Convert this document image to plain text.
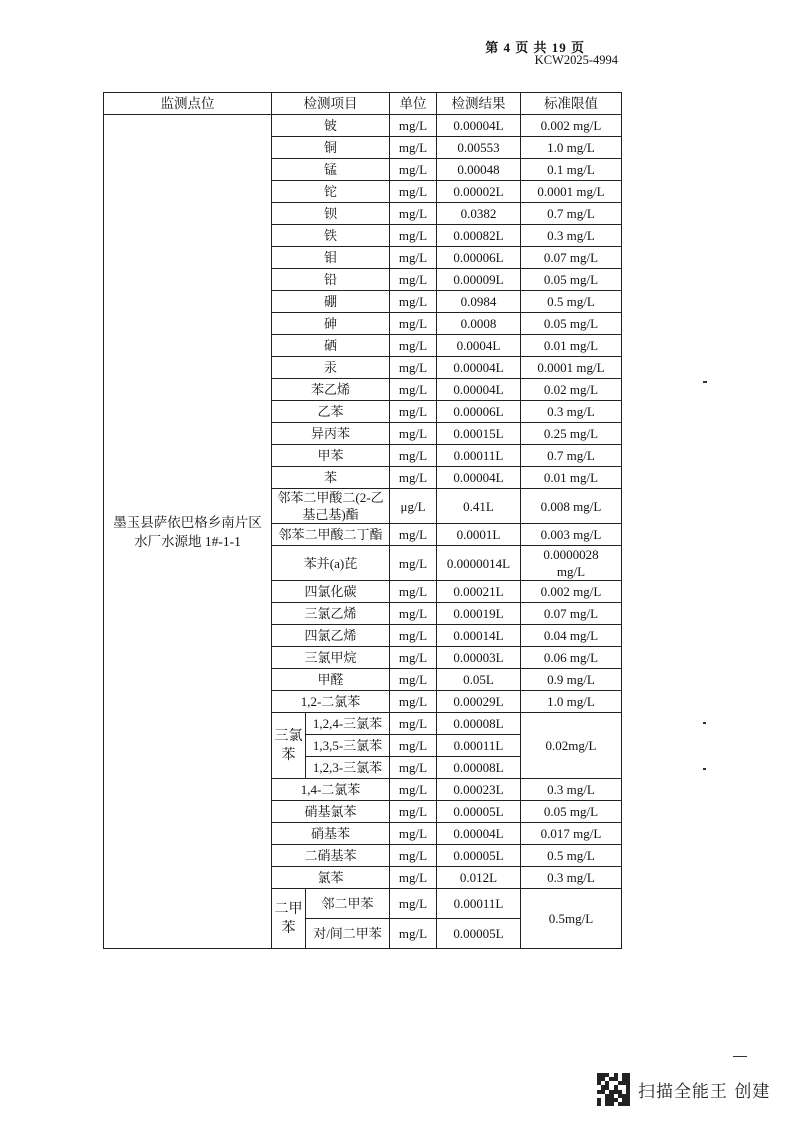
第 4 页 共 19 页
KCW2025-4994
监测点位	检测项目		单位	检测结果	标准限值
墨玉县萨依巴格乡南片区水厂水源地 1#-1-1	铍		mg/L	0.00004L	0.002 mg/L
	铜		mg/L	0.00553	1.0 mg/L
	锰		mg/L	0.00048	0.1 mg/L
	铊		mg/L	0.00002L	0.0001 mg/L
	钡		mg/L	0.0382	0.7 mg/L
	铁		mg/L	0.00082L	0.3 mg/L
	钼		mg/L	0.00006L	0.07 mg/L
	铅		mg/L	0.00009L	0.05 mg/L
	硼		mg/L	0.0984	0.5 mg/L
	砷		mg/L	0.0008	0.05 mg/L
	硒		mg/L	0.0004L	0.01 mg/L
	汞		mg/L	0.00004L	0.0001 mg/L
	苯乙烯		mg/L	0.00004L	0.02 mg/L
	乙苯		mg/L	0.00006L	0.3 mg/L
	异丙苯		mg/L	0.00015L	0.25 mg/L
	甲苯		mg/L	0.00011L	0.7 mg/L
	苯		mg/L	0.00004L	0.01 mg/L
	邻苯二甲酸二(2-乙基己基)酯		μg/L	0.41L	0.008 mg/L
	邻苯二甲酸二丁酯		mg/L	0.0001L	0.003 mg/L
	苯并(a)芘		mg/L	0.0000014L	0.0000028 mg/L
	四氯化碳		mg/L	0.00021L	0.002 mg/L
	三氯乙烯		mg/L	0.00019L	0.07 mg/L
	四氯乙烯		mg/L	0.00014L	0.04 mg/L
	三氯甲烷		mg/L	0.00003L	0.06 mg/L
	甲醛		mg/L	0.05L	0.9 mg/L
	1,2-二氯苯		mg/L	0.00029L	1.0 mg/L
	三氯苯	1,2,4-三氯苯	mg/L	0.00008L	0.02mg/L
		1,3,5-三氯苯	mg/L	0.00011L	
		1,2,3-三氯苯	mg/L	0.00008L	
	1,4-二氯苯		mg/L	0.00023L	0.3 mg/L
	硝基氯苯		mg/L	0.00005L	0.05 mg/L
	硝基苯		mg/L	0.00004L	0.017 mg/L
	二硝基苯		mg/L	0.00005L	0.5 mg/L
	氯苯		mg/L	0.012L	0.3 mg/L
	二甲苯	邻二甲苯	mg/L	0.00011L	0.5mg/L
		对/间二甲苯	mg/L	0.00005L	
扫描全能王 创建
